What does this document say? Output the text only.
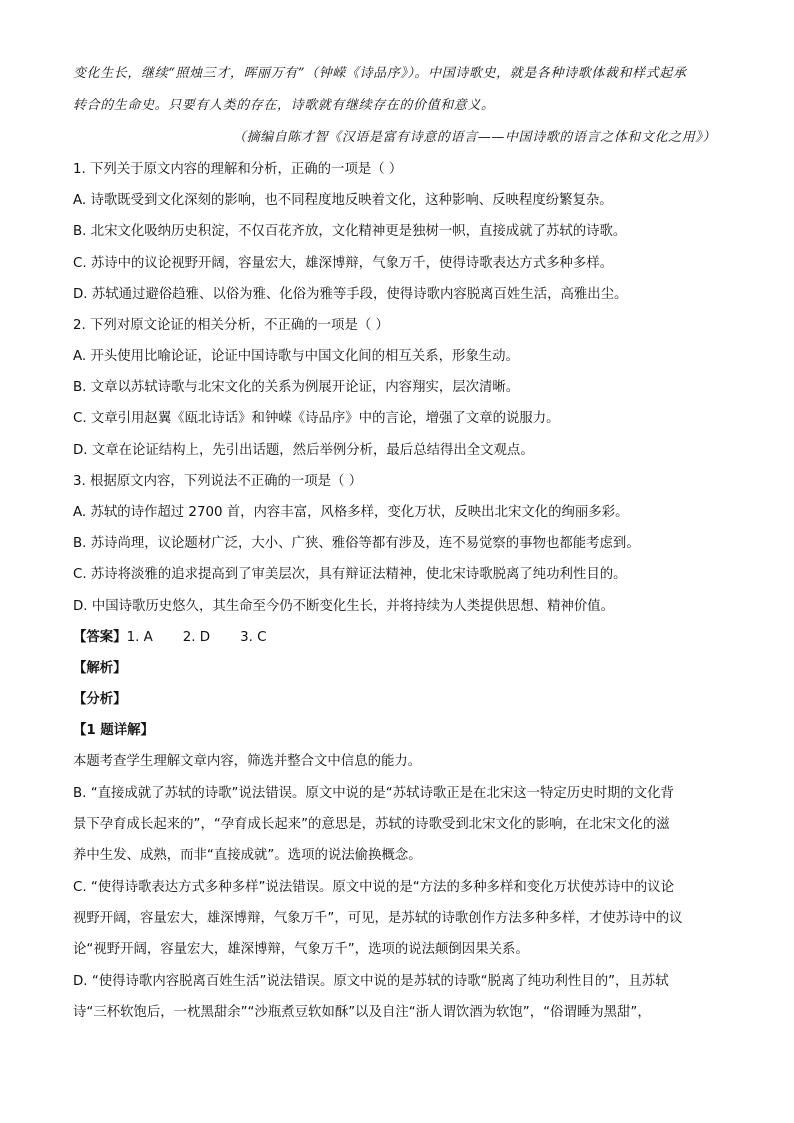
变化生长，继续“照烛三才，晖丽万有”（钟嵘《诗品序》）。中国诗歌史，就是各种诗歌体裁和样式起承
转合的生命史。只要有人类的存在，诗歌就有继续存在的价值和意义。
（摘编自陈才智《汉语是富有诗意的语言——中国诗歌的语言之体和文化之用》）
1. 下列关于原文内容的理解和分析，正确的一项是（ ）
A. 诗歌既受到文化深刻的影响，也不同程度地反映着文化，这种影响、反映程度纷繁复杂。
B. 北宋文化吸纳历史积淀，不仅百花齐放，文化精神更是独树一帜，直接成就了苏轼的诗歌。
C. 苏诗中的议论视野开阔，容量宏大，雄深博辩，气象万千，使得诗歌表达方式多种多样。
D. 苏轼通过避俗趋雅、以俗为雅、化俗为雅等手段，使得诗歌内容脱离百姓生活，高雅出尘。
2. 下列对原文论证的相关分析，不正确的一项是（ ）
A. 开头使用比喻论证，论证中国诗歌与中国文化间的相互关系，形象生动。
B. 文章以苏轼诗歌与北宋文化的关系为例展开论证，内容翔实，层次清晰。
C. 文章引用赵翼《瓯北诗话》和钟嵘《诗品序》中的言论，增强了文章的说服力。
D. 文章在论证结构上，先引出话题，然后举例分析，最后总结得出全文观点。
3. 根据原文内容，下列说法不正确的一项是（ ）
A. 苏轼的诗作超过 2700 首，内容丰富，风格多样，变化万状，反映出北宋文化的绚丽多彩。
B. 苏诗尚理，议论题材广泛，大小、广狭、雅俗等都有涉及，连不易觉察的事物也都能考虑到。
C. 苏诗将淡雅的追求提高到了审美层次，具有辩证法精神，使北宋诗歌脱离了纯功利性目的。
D. 中国诗歌历史悠久，其生命至今仍不断变化生长，并将持续为人类提供思想、精神价值。
【答案】1. A 2. D 3. C
【解析】
【分析】
【1 题详解】
本题考查学生理解文章内容，筛选并整合文中信息的能力。
B. “直接成就了苏轼的诗歌”说法错误。原文中说的是“苏轼诗歌正是在北宋这一特定历史时期的文化背
景下孕育成长起来的”，“孕育成长起来”的意思是，苏轼的诗歌受到北宋文化的影响，在北宋文化的滋
养中生发、成熟，而非“直接成就”。选项的说法偷换概念。
C. “使得诗歌表达方式多种多样”说法错误。原文中说的是“方法的多种多样和变化万状使苏诗中的议论
视野开阔，容量宏大，雄深博辩，气象万千”，可见，是苏轼的诗歌创作方法多种多样，才使苏诗中的议
论“视野开阔，容量宏大，雄深博辩，气象万千”，选项的说法颠倒因果关系。
D. “使得诗歌内容脱离百姓生活”说法错误。原文中说的是苏轼的诗歌“脱离了纯功利性目的”，且苏轼
诗“三杯软饱后，一枕黑甜余”“沙瓶煮豆软如酥”以及自注“浙人谓饮酒为软饱”，“俗谓睡为黑甜”，
